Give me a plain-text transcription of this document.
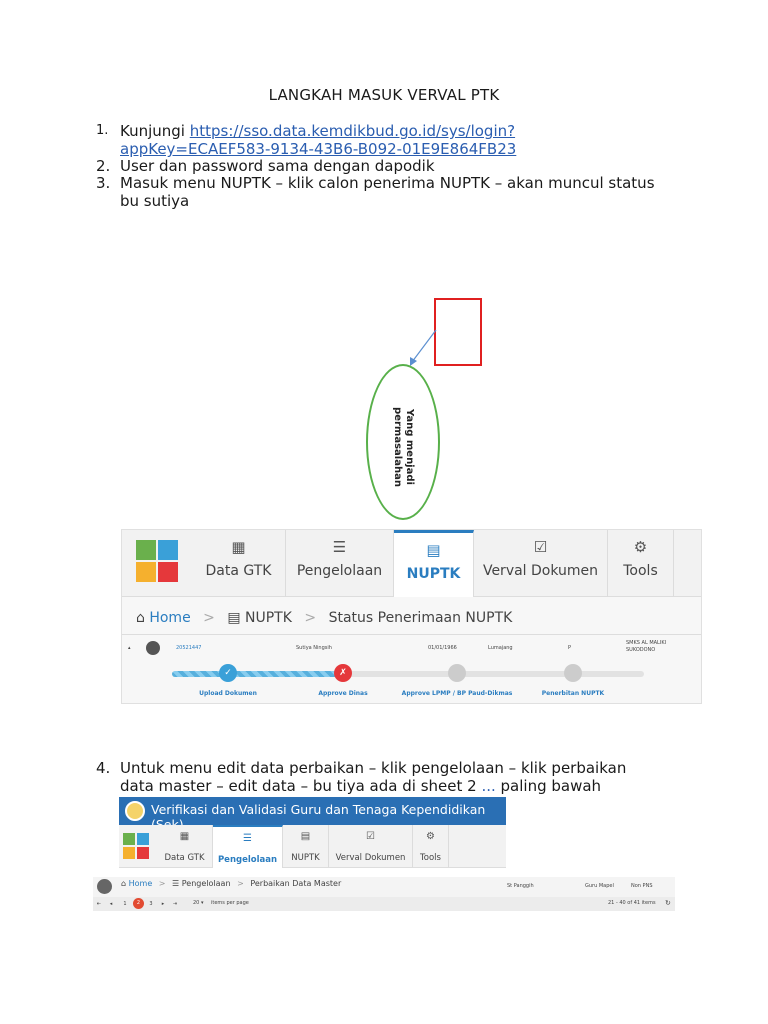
LANGKAH MASUK VERVAL PTK
1. Kunjungi https://sso.data.kemdikbud.go.id/sys/login?
appKey=ECAEF583-9134-43B6-B092-01E9E864FB23
2. User dan password sama dengan dapodik
3. Masuk menu NUPTK – klik calon penerima NUPTK – akan muncul status
bu sutiya
Yang menjadi permasalahan
▦
Data GTK
☰
Pengelolaan
▤
NUPTK
☑
Verval Dokumen
⚙
Tools
⌂ Home > ▤ NUPTK > Status Penerimaan NUPTK
▴	20521447	Sutiya Ningsih	01/01/1966	Lumajang	P
SMKS AL MALIKI SUKODONO
✓	✗
Upload Dokumen	Approve Dinas	Approve LPMP / BP Paud-Dikmas	Penerbitan NUPTK
4. Untuk menu edit data perbaikan – klik pengelolaan – klik perbaikan
data master – edit data – bu tiya ada di sheet 2 ... paling bawah
Verifikasi dan Validasi Guru dan Tenaga Kependidikan
▦
Data GTK
☰
Pengelolaan
▤
NUPTK
☑
Verval Dokumen
⚙
Tools
⌂ Home > ☰ Pengelolaan > Perbaikan Data Master	St Panggih	Guru Mapel	Non PNS
⇤	◂	1	2	3	▸	⇥	20 ▾ items per page	21 - 40 of 41 items ↻
